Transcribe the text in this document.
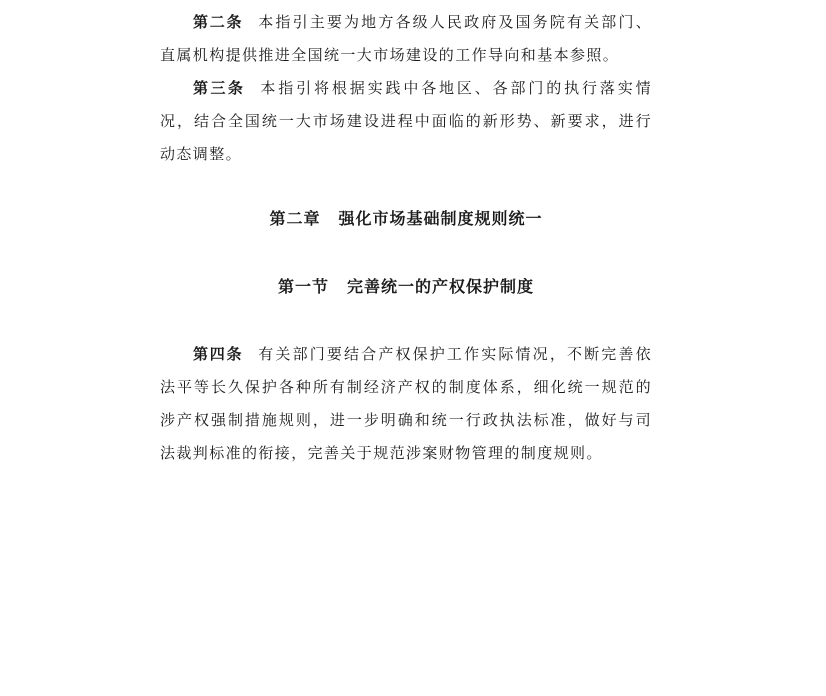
第二条 本指引主要为地方各级人民政府及国务院有关部门、
直属机构提供推进全国统一大市场建设的工作导向和基本参照。
第三条 本指引将根据实践中各地区、各部门的执行落实情
况，结合全国统一大市场建设进程中面临的新形势、新要求，进行
动态调整。
第二章 强化市场基础制度规则统一
第一节 完善统一的产权保护制度
第四条 有关部门要结合产权保护工作实际情况，不断完善依
法平等长久保护各种所有制经济产权的制度体系，细化统一规范的
涉产权强制措施规则，进一步明确和统一行政执法标准，做好与司
法裁判标准的衔接，完善关于规范涉案财物管理的制度规则。
